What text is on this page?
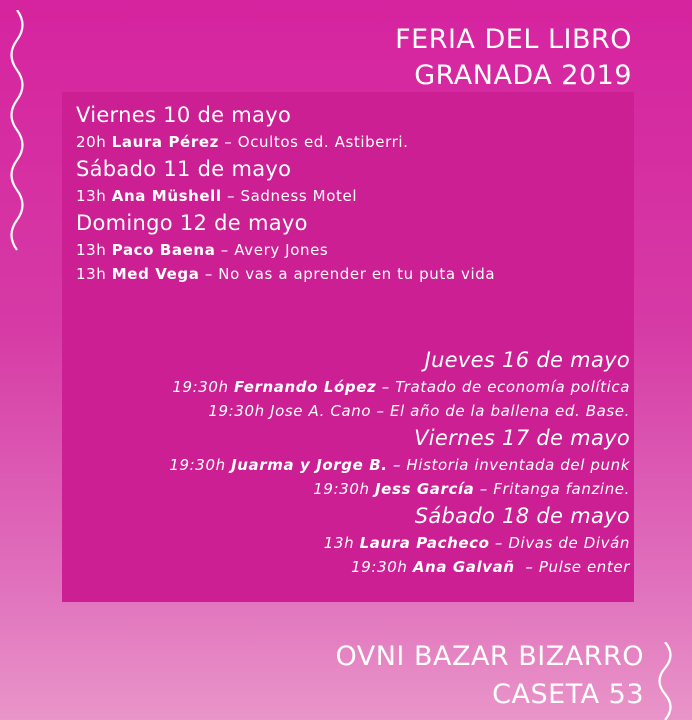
FERIA DEL LIBRO
GRANADA 2019
Viernes 10 de mayo
20h Laura Pérez – Ocultos ed. Astiberri.
Sábado 11 de mayo
13h Ana Müshell – Sadness Motel
Domingo 12 de mayo
13h Paco Baena – Avery Jones
13h Med Vega – No vas a aprender en tu puta vida
Jueves 16 de mayo
19:30h Fernando López – Tratado de economía política
19:30h Jose A. Cano – El año de la ballena ed. Base.
Viernes 17 de mayo
19:30h Juarma y Jorge B. – Historia inventada del punk
19:30h Jess García – Fritanga fanzine.
Sábado 18 de mayo
13h Laura Pacheco – Divas de Diván
19:30h Ana Galvañ  – Pulse enter
OVNI BAZAR BIZARRO
CASETA 53
